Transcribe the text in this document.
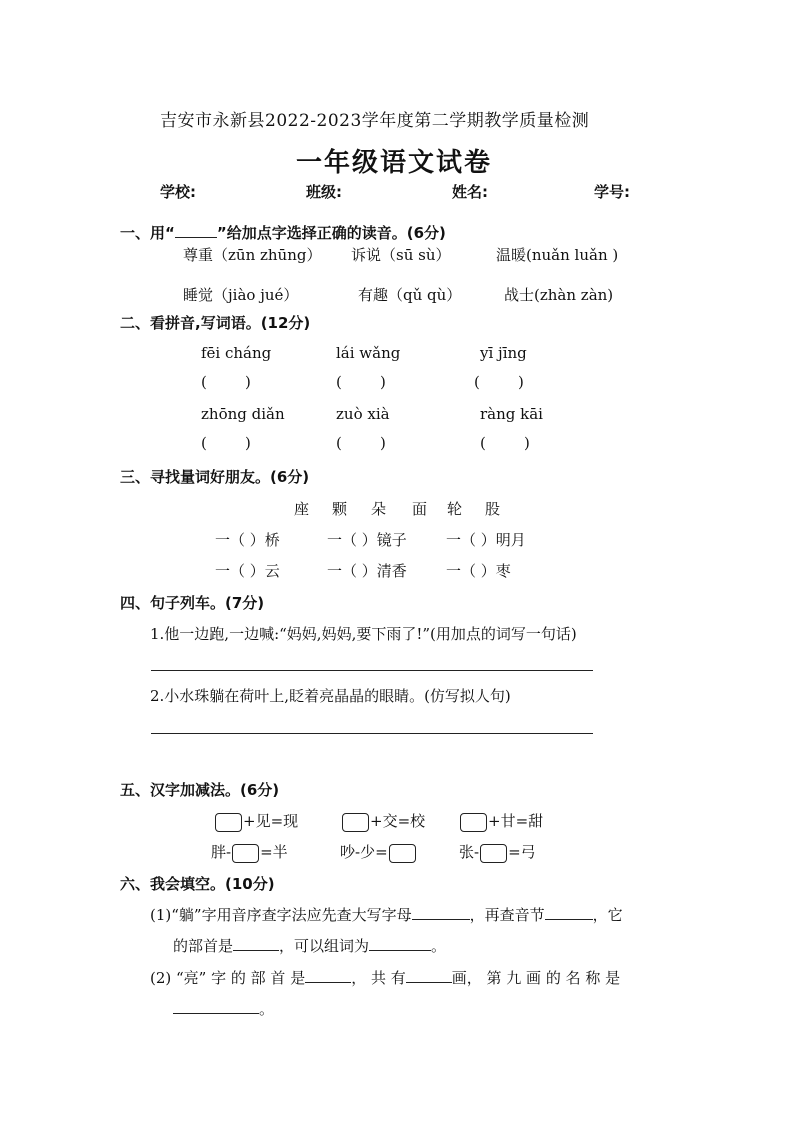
吉安市永新县2022-2023学年度第二学期教学质量检测
一年级语文试卷
学校:	班级:	姓名:	学号:
一、用“	”给加点字选择正确的读音。(6分)
尊重（zūn zhūng） 诉说（sū sù）	温暖(nuǎn luǎn )
睡觉（jiào jué）	有趣（qǔ qù）	战士(zhàn zàn)
二、看拼音,写词语。(12分)
fēi cháng	lái wǎng	yī jīng
(        )	(        )	(        )
zhōng diǎn	zuò xià	ràng kāi
(        )	(        )	(        )
三、寻找量词好朋友。(6分)
座 颗 朵 面 轮 股
一（ ）桥	一（ ）镜子	一（ ）明月
一（ ）云	一（ ）清香	一（ ）枣
四、句子列车。(7分)
1.他一边跑,一边喊:“妈妈,妈妈,要下雨了!”(用加点的词写一句话)
2.小水珠躺在荷叶上,眨着亮晶晶的眼睛。(仿写拟人句)
五、汉字加减法。(6分)
+见=现	+交=校	+甘=甜
胖- =半	吵-少=	张- =弓
六、我会填空。(10分)
(1)“躺”字用音序查字法应先查大写字母	，再查音节	，它
的部首是	，可以组词为	。
(2) “亮” 字 的 部 首 是	， 共 有	画， 第 九 画 的 名 称 是
。
